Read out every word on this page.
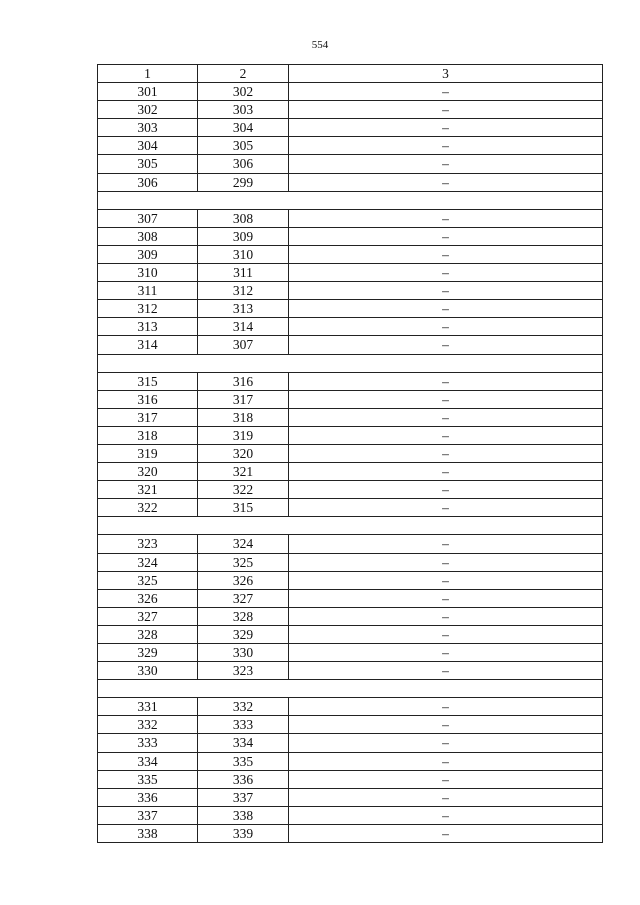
554
1	2	3
301	302	–
302	303	–
303	304	–
304	305	–
305	306	–
306	299	–
307	308	–
308	309	–
309	310	–
310	311	–
311	312	–
312	313	–
313	314	–
314	307	–
315	316	–
316	317	–
317	318	–
318	319	–
319	320	–
320	321	–
321	322	–
322	315	–
323	324	–
324	325	–
325	326	–
326	327	–
327	328	–
328	329	–
329	330	–
330	323	–
331	332	–
332	333	–
333	334	–
334	335	–
335	336	–
336	337	–
337	338	–
338	339	–
